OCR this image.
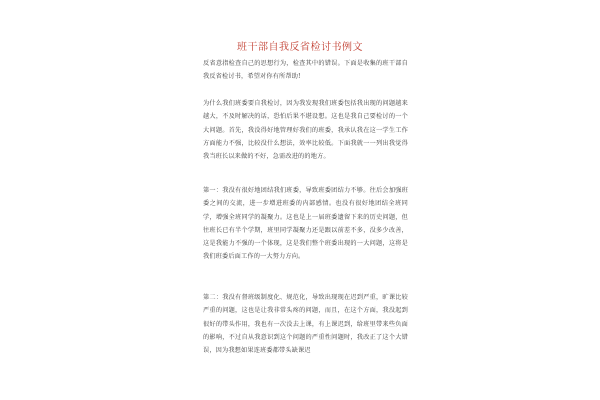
班干部自我反省检讨书例文

反省意指检查自己的思想行为，检查其中的错误。下面是收集的班干部自我反省检讨书，希望对你有所帮助!

为什么我们班委要自我检讨，因为我发现我们班委包括我出现的问题越来越大，不及时解决的话，恐怕后果不堪设想。这也是我自己要检讨的一个大问题。首先，我没得好地管理好我们的班委，我承认我在这一学生工作方面能力不强，比较没什么想法，效率比较低。下面我就一一列出我觉得我当班长以来做的不好，急需改进的的地方。

第一：我没有很好地团结我们班委，导致班委团结力不够。往后会加强班委之间的交流，进一步增进班委的内部感情。也没有很好地团结全班同学，增强全班同学的凝聚力。这也是上一届班委遗留下来的历史问题，但往班长已有半个学期，班里同学凝聚力还是跟以前差不多，没多少改善，这是我能力不强的一个体现，这是我们整个班委出现的一大问题，这将是我们班委后面工作的一大努力方向。

第二：我没有督班级制度化、规范化，导致出现现在迟到严重，旷课比较严重的问题，这也是让我非常头疼的问题，而且，在这个方面，我没起到很好的带头作用，我也有一次没去上课，有上课迟到，给班里带来些负面的影响，不过自从我意识到这个问题的严重性问题时，我改正了这个大错误，因为我想如果连班委都带头缺课迟
